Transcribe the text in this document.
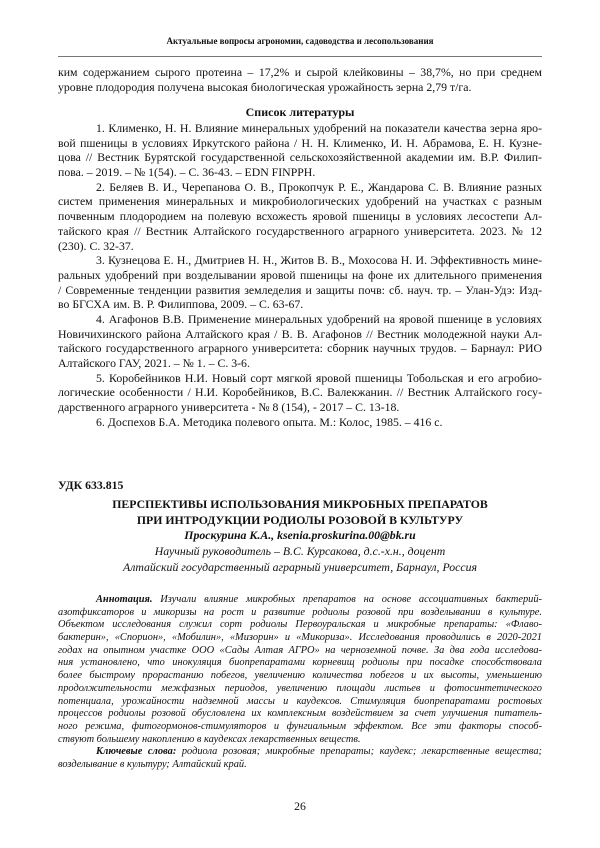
Актуальные вопросы агрономии, садоводства и лесопользования
ким содержанием сырого протеина – 17,2% и сырой клейковины – 38,7%, но при среднем
уровне плодородия получена высокая биологическая урожайность зерна 2,79 т/га.
Список литературы
1. Клименко, Н. Н. Влияние минеральных удобрений на показатели качества зерна яро-
вой пшеницы в условиях Иркутского района / Н. Н. Клименко, И. Н. Абрамова, Е. Н. Кузне-
цова // Вестник Бурятской государственной сельскохозяйственной академии им. В.Р. Филип-
пова. – 2019. – № 1(54). – С. 36-43. – EDN FINPPH.
2. Беляев В. И., Черепанова О. В., Прокопчук Р. Е., Жандарова С. В. Влияние разных
систем применения минеральных и микробиологических удобрений на участках с разным
почвенным плодородием на полевую всхожесть яровой пшеницы в условиях лесостепи Ал-
тайского края // Вестник Алтайского государственного аграрного университета. 2023. № 12
(230). С. 32-37.
3. Кузнецова Е. Н., Дмитриев Н. Н., Житов В. В., Мохосова Н. И. Эффективность мине-
ральных удобрений при возделывании яровой пшеницы на фоне их длительного применения
/ Современные тенденции развития земледелия и защиты почв: сб. науч. тр. – Улан-Удэ: Изд-
во БГСХА им. В. Р. Филиппова, 2009. – С. 63-67.
4. Агафонов В.В. Применение минеральных удобрений на яровой пшенице в условиях
Новичихинского района Алтайского края / В. В. Агафонов // Вестник молодежной науки Ал-
тайского государственного аграрного университета: сборник научных трудов. – Барнаул: РИО
Алтайского ГАУ, 2021. – № 1. – С. 3-6.
5. Коробейников Н.И. Новый сорт мягкой яровой пшеницы Тобольская и его агробио-
логические особенности / Н.И. Коробейников, В.С. Валекжанин. // Вестник Алтайского госу-
дарственного аграрного университета - № 8 (154), - 2017 – С. 13-18.
6. Доспехов Б.А. Методика полевого опыта. М.: Колос, 1985. – 416 с.
УДК 633.815
ПЕРСПЕКТИВЫ ИСПОЛЬЗОВАНИЯ МИКРОБНЫХ ПРЕПАРАТОВ
ПРИ ИНТРОДУКЦИИ РОДИОЛЫ РОЗОВОЙ В КУЛЬТУРУ
Проскурина К.А., ksenia.proskurina.00@bk.ru
Научный руководитель – В.С. Курсакова, д.с.-х.н., доцент
Алтайский государственный аграрный университет, Барнаул, Россия
Аннотация. Изучали влияние микробных препаратов на основе ассоциативных бактерий-
азотфиксаторов и микоризы на рост и развитие родиолы розовой при возделывании в культуре.
Объектом исследования служил сорт родиолы Первоуральская и микробные препараты: «Флаво-
бактерин», «Спорион», «Мобилин», «Мизорин» и «Микориза». Исследования проводились в 2020-2021
годах на опытном участке ООО «Сады Алтая АГРО» на черноземной почве. За два года исследова-
ния установлено, что инокуляция биопрепаратами корневищ родиолы при посадке способствовала
более быстрому прорастанию побегов, увеличению количества побегов и их высоты, уменьшению
продолжительности межфазных периодов, увеличению площади листьев и фотосинтетического
потенциала, урожайности надземной массы и каудексов. Стимуляция биопрепаратами ростовых
процессов родиолы розовой обусловлена их комплексным воздействием за счет улучшения питатель-
ного режима, фитогормонов-стимуляторов и фунгиальным эффектом. Все эти факторы способ-
ствуют большему накоплению в каудексах лекарственных веществ.
Ключевые слова: родиола розовая; микробные препараты; каудекс; лекарственные вещества;
возделывание в культуру; Алтайский край.
26
